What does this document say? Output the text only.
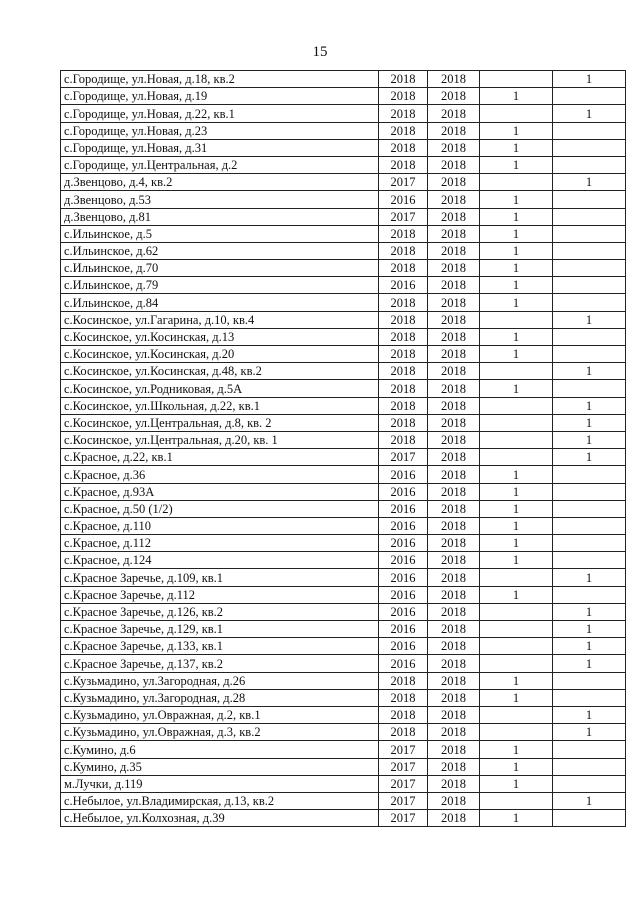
15
с.Городище, ул.Новая, д.18, кв.2	2018	2018		1
с.Городище, ул.Новая, д.19	2018	2018	1	
с.Городище, ул.Новая, д.22, кв.1	2018	2018		1
с.Городище, ул.Новая, д.23	2018	2018	1	
с.Городище, ул.Новая, д.31	2018	2018	1	
с.Городище, ул.Центральная, д.2	2018	2018	1	
д.Звенцово, д.4, кв.2	2017	2018		1
д.Звенцово, д.53	2016	2018	1	
д.Звенцово, д.81	2017	2018	1	
с.Ильинское, д.5	2018	2018	1	
с.Ильинское, д.62	2018	2018	1	
с.Ильинское, д.70	2018	2018	1	
с.Ильинское, д.79	2016	2018	1	
с.Ильинское, д.84	2018	2018	1	
с.Косинское, ул.Гагарина, д.10, кв.4	2018	2018		1
с.Косинское, ул.Косинская, д.13	2018	2018	1	
с.Косинское, ул.Косинская, д.20	2018	2018	1	
с.Косинское, ул.Косинская, д.48, кв.2	2018	2018		1
с.Косинское, ул.Родниковая, д.5А	2018	2018	1	
с.Косинское, ул.Школьная, д.22, кв.1	2018	2018		1
с.Косинское, ул.Центральная, д.8, кв. 2	2018	2018		1
с.Косинское, ул.Центральная, д.20, кв. 1	2018	2018		1
с.Красное, д.22, кв.1	2017	2018		1
с.Красное, д.36	2016	2018	1	
с.Красное, д.93А	2016	2018	1	
с.Красное, д.50 (1/2)	2016	2018	1	
с.Красное, д.110	2016	2018	1	
с.Красное, д.112	2016	2018	1	
с.Красное, д.124	2016	2018	1	
с.Красное Заречье, д.109, кв.1	2016	2018		1
с.Красное Заречье, д.112	2016	2018	1	
с.Красное Заречье, д.126, кв.2	2016	2018		1
с.Красное Заречье, д.129, кв.1	2016	2018		1
с.Красное Заречье, д.133, кв.1	2016	2018		1
с.Красное Заречье, д.137, кв.2	2016	2018		1
с.Кузьмадино, ул.Загородная, д.26	2018	2018	1	
с.Кузьмадино, ул.Загородная, д.28	2018	2018	1	
с.Кузьмадино, ул.Овражная, д.2, кв.1	2018	2018		1
с.Кузьмадино, ул.Овражная, д.3, кв.2	2018	2018		1
с.Кумино, д.6	2017	2018	1	
с.Кумино, д.35	2017	2018	1	
м.Лучки, д.119	2017	2018	1	
с.Небылое, ул.Владимирская, д.13, кв.2	2017	2018		1
с.Небылое, ул.Колхозная, д.39	2017	2018	1	
